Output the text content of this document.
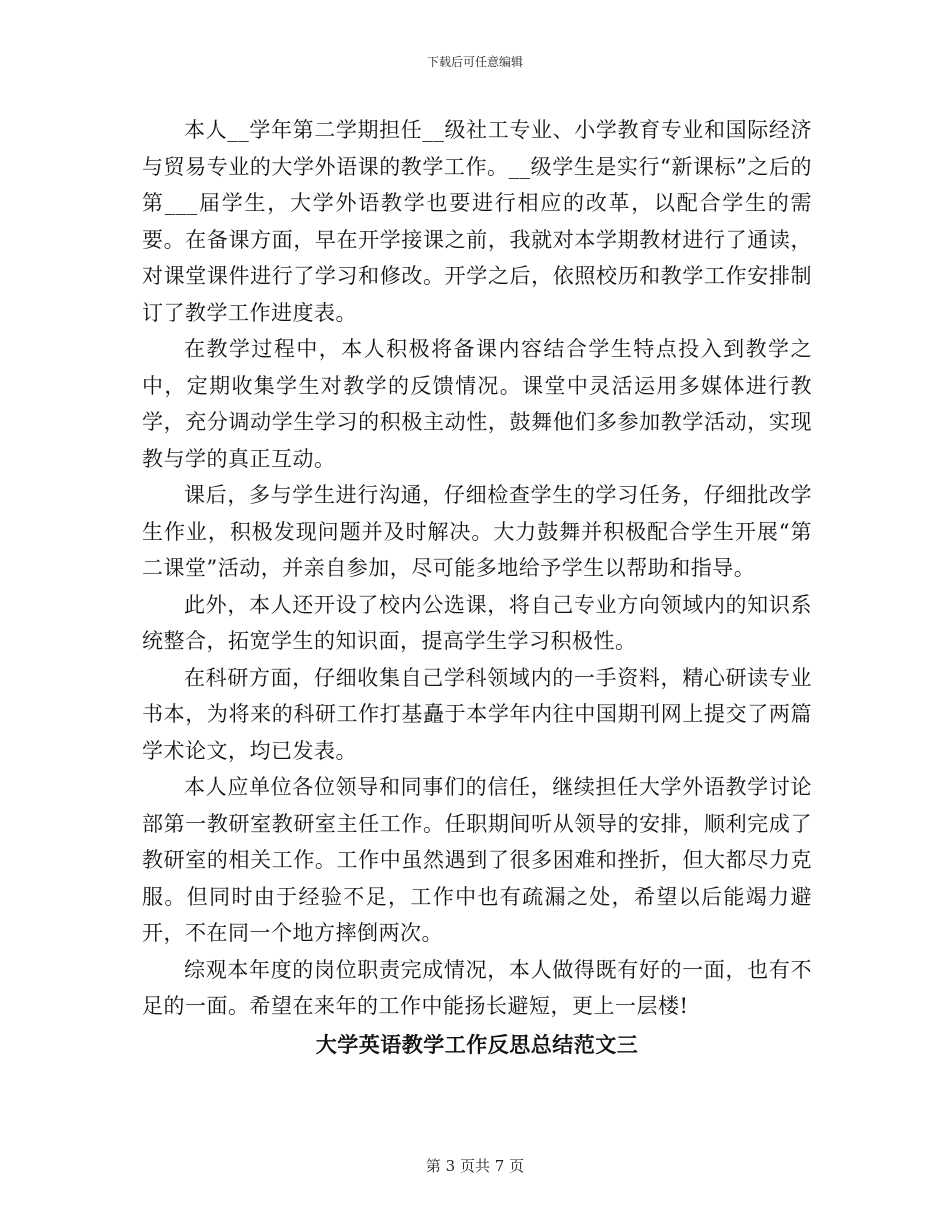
下载后可任意编辑

本人__学年第二学期担任__级社工专业、小学教育专业和国际经济与贸易专业的大学外语课的教学工作。__级学生是实行“新课标”之后的第___届学生，大学外语教学也要进行相应的改革，以配合学生的需要。在备课方面，早在开学接课之前，我就对本学期教材进行了通读，对课堂课件进行了学习和修改。开学之后，依照校历和教学工作安排制订了教学工作进度表。

在教学过程中，本人积极将备课内容结合学生特点投入到教学之中，定期收集学生对教学的反馈情况。课堂中灵活运用多媒体进行教学，充分调动学生学习的积极主动性，鼓舞他们多参加教学活动，实现教与学的真正互动。

课后，多与学生进行沟通，仔细检查学生的学习任务，仔细批改学生作业，积极发现问题并及时解决。大力鼓舞并积极配合学生开展“第二课堂”活动，并亲自参加，尽可能多地给予学生以帮助和指导。

此外，本人还开设了校内公选课，将自己专业方向领域内的知识系统整合，拓宽学生的知识面，提高学生学习积极性。

在科研方面，仔细收集自己学科领域内的一手资料，精心研读专业书本，为将来的科研工作打基矗于本学年内往中国期刊网上提交了两篇学术论文，均已发表。

本人应单位各位领导和同事们的信任，继续担任大学外语教学讨论部第一教研室教研室主任工作。任职期间听从领导的安排，顺利完成了教研室的相关工作。工作中虽然遇到了很多困难和挫折，但大都尽力克服。但同时由于经验不足，工作中也有疏漏之处，希望以后能竭力避开，不在同一个地方摔倒两次。

综观本年度的岗位职责完成情况，本人做得既有好的一面，也有不足的一面。希望在来年的工作中能扬长避短，更上一层楼!

大学英语教学工作反思总结范文三
第 3 页共 7 页
